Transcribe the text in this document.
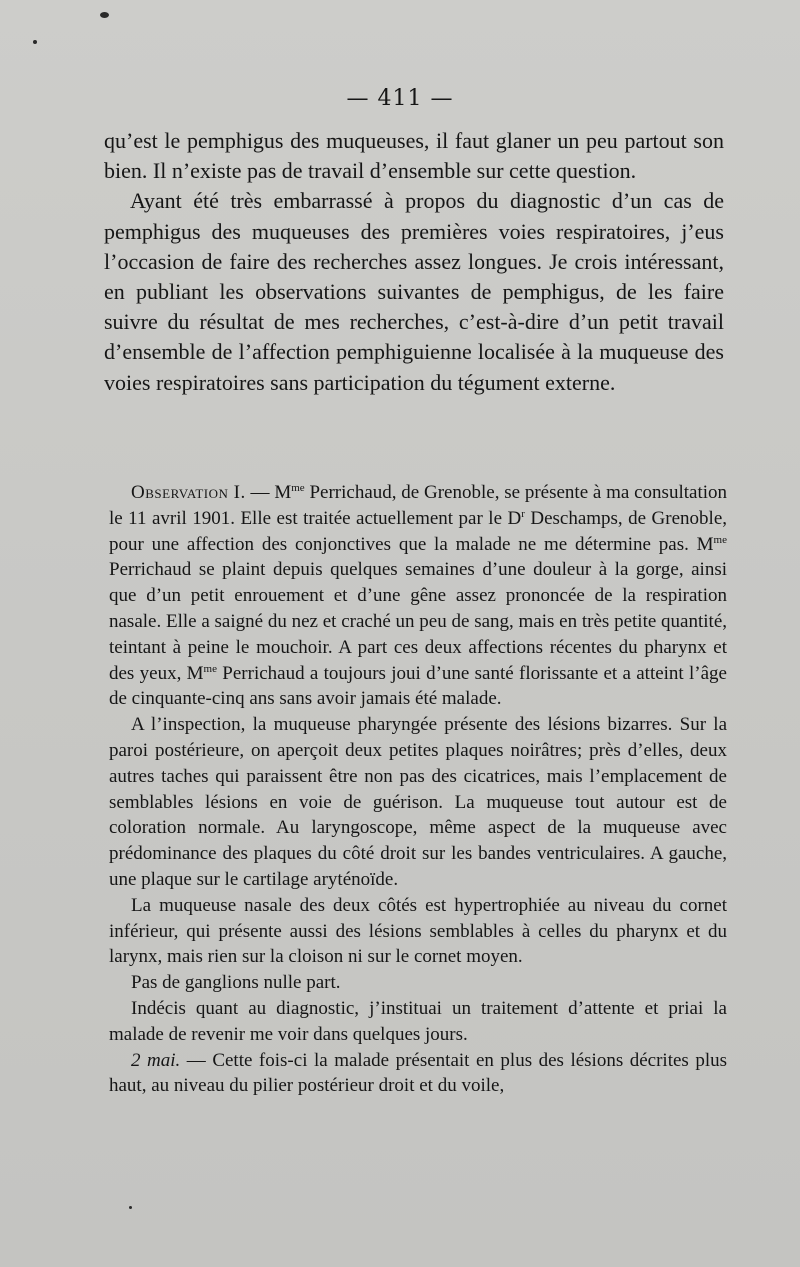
— 411 —

qu’est le pemphigus des muqueuses, il faut glaner un peu partout son bien. Il n’existe pas de travail d’ensemble sur cette question.

Ayant été très embarrassé à propos du diagnostic d’un cas de pemphigus des muqueuses des premières voies respiratoires, j’eus l’occasion de faire des recherches assez longues. Je crois intéressant, en publiant les observations suivantes de pemphigus, de les faire suivre du résultat de mes recherches, c’est-à-dire d’un petit travail d’ensemble de l’affection pemphiguienne localisée à la muqueuse des voies respiratoires sans participation du tégument externe.

Observation I. — $M^{me}$ Perrichaud, de Grenoble, se présente à ma consultation le 11 avril 1901. Elle est traitée actuellement par le $D^r$ Deschamps, de Grenoble, pour une affection des conjonctives que la malade ne me détermine pas. $M^{me}$ Perrichaud se plaint depuis quelques semaines d’une douleur à la gorge, ainsi que d’un petit enrouement et d’une gêne assez prononcée de la respiration nasale. Elle a saigné du nez et craché un peu de sang, mais en très petite quantité, teintant à peine le mouchoir. A part ces deux affections récentes du pharynx et des yeux, $M^{me}$ Perrichaud a toujours joui d’une santé florissante et a atteint l’âge de cinquante-cinq ans sans avoir jamais été malade.

A l’inspection, la muqueuse pharyngée présente des lésions bizarres. Sur la paroi postérieure, on aperçoit deux petites plaques noirâtres; près d’elles, deux autres taches qui paraissent être non pas des cicatrices, mais l’emplacement de semblables lésions en voie de guérison. La muqueuse tout autour est de coloration normale. Au laryngoscope, même aspect de la muqueuse avec prédominance des plaques du côté droit sur les bandes ventriculaires. A gauche, une plaque sur le cartilage aryténoïde.

La muqueuse nasale des deux côtés est hypertrophiée au niveau du cornet inférieur, qui présente aussi des lésions semblables à celles du pharynx et du larynx, mais rien sur la cloison ni sur le cornet moyen.

Pas de ganglions nulle part.

Indécis quant au diagnostic, j’instituai un traitement d’attente et priai la malade de revenir me voir dans quelques jours.

2 mai. — Cette fois-ci la malade présentait en plus des lésions décrites plus haut, au niveau du pilier postérieur droit et du voile,
